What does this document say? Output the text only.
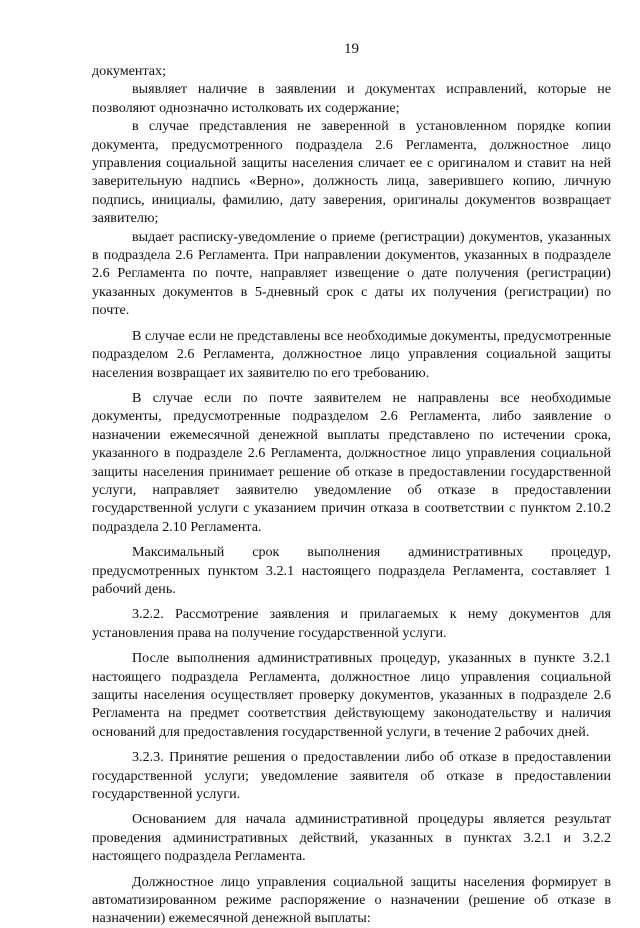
19

документах;

выявляет наличие в заявлении и документах исправлений, которые не позволяют однозначно истолковать их содержание;

в случае представления не заверенной в установленном порядке копии документа, предусмотренного подраздела 2.6 Регламента, должностное лицо управления социальной защиты населения сличает ее с оригиналом и ставит на ней заверительную надпись «Верно», должность лица, заверившего копию, личную подпись, инициалы, фамилию, дату заверения, оригиналы документов возвращает заявителю;

выдает расписку-уведомление о приеме (регистрации) документов, указанных в подраздела 2.6 Регламента. При направлении документов, указанных в подразделе 2.6 Регламента по почте, направляет извещение о дате получения (регистрации) указанных документов в 5-дневный срок с даты их получения (регистрации) по почте.

В случае если не представлены все необходимые документы, предусмотренные подразделом 2.6 Регламента, должностное лицо управления социальной защиты населения возвращает их заявителю по его требованию.

В случае если по почте заявителем не направлены все необходимые документы, предусмотренные подразделом 2.6 Регламента, либо заявление о назначении ежемесячной денежной выплаты представлено по истечении срока, указанного в подразделе 2.6 Регламента, должностное лицо управления социальной защиты населения принимает решение об отказе в предоставлении государственной услуги, направляет заявителю уведомление об отказе в предоставлении государственной услуги с указанием причин отказа в соответствии с пунктом 2.10.2 подраздела 2.10 Регламента.

Максимальный срок выполнения административных процедур, предусмотренных пунктом 3.2.1 настоящего подраздела Регламента, составляет 1 рабочий день.

3.2.2. Рассмотрение заявления и прилагаемых к нему документов для установления права на получение государственной услуги.

После выполнения административных процедур, указанных в пункте 3.2.1 настоящего подраздела Регламента, должностное лицо управления социальной защиты населения осуществляет проверку документов, указанных в подразделе 2.6 Регламента на предмет соответствия действующему законодательству и наличия оснований для предоставления государственной услуги, в течение 2 рабочих дней.

3.2.3. Принятие решения о предоставлении либо об отказе в предоставлении государственной услуги; уведомление заявителя об отказе в предоставлении государственной услуги.

Основанием для начала административной процедуры является результат проведения административных действий, указанных в пунктах 3.2.1 и 3.2.2 настоящего подраздела Регламента.

Должностное лицо управления социальной защиты населения формирует в автоматизированном режиме распоряжение о назначении (решение об отказе в назначении) ежемесячной денежной выплаты:
